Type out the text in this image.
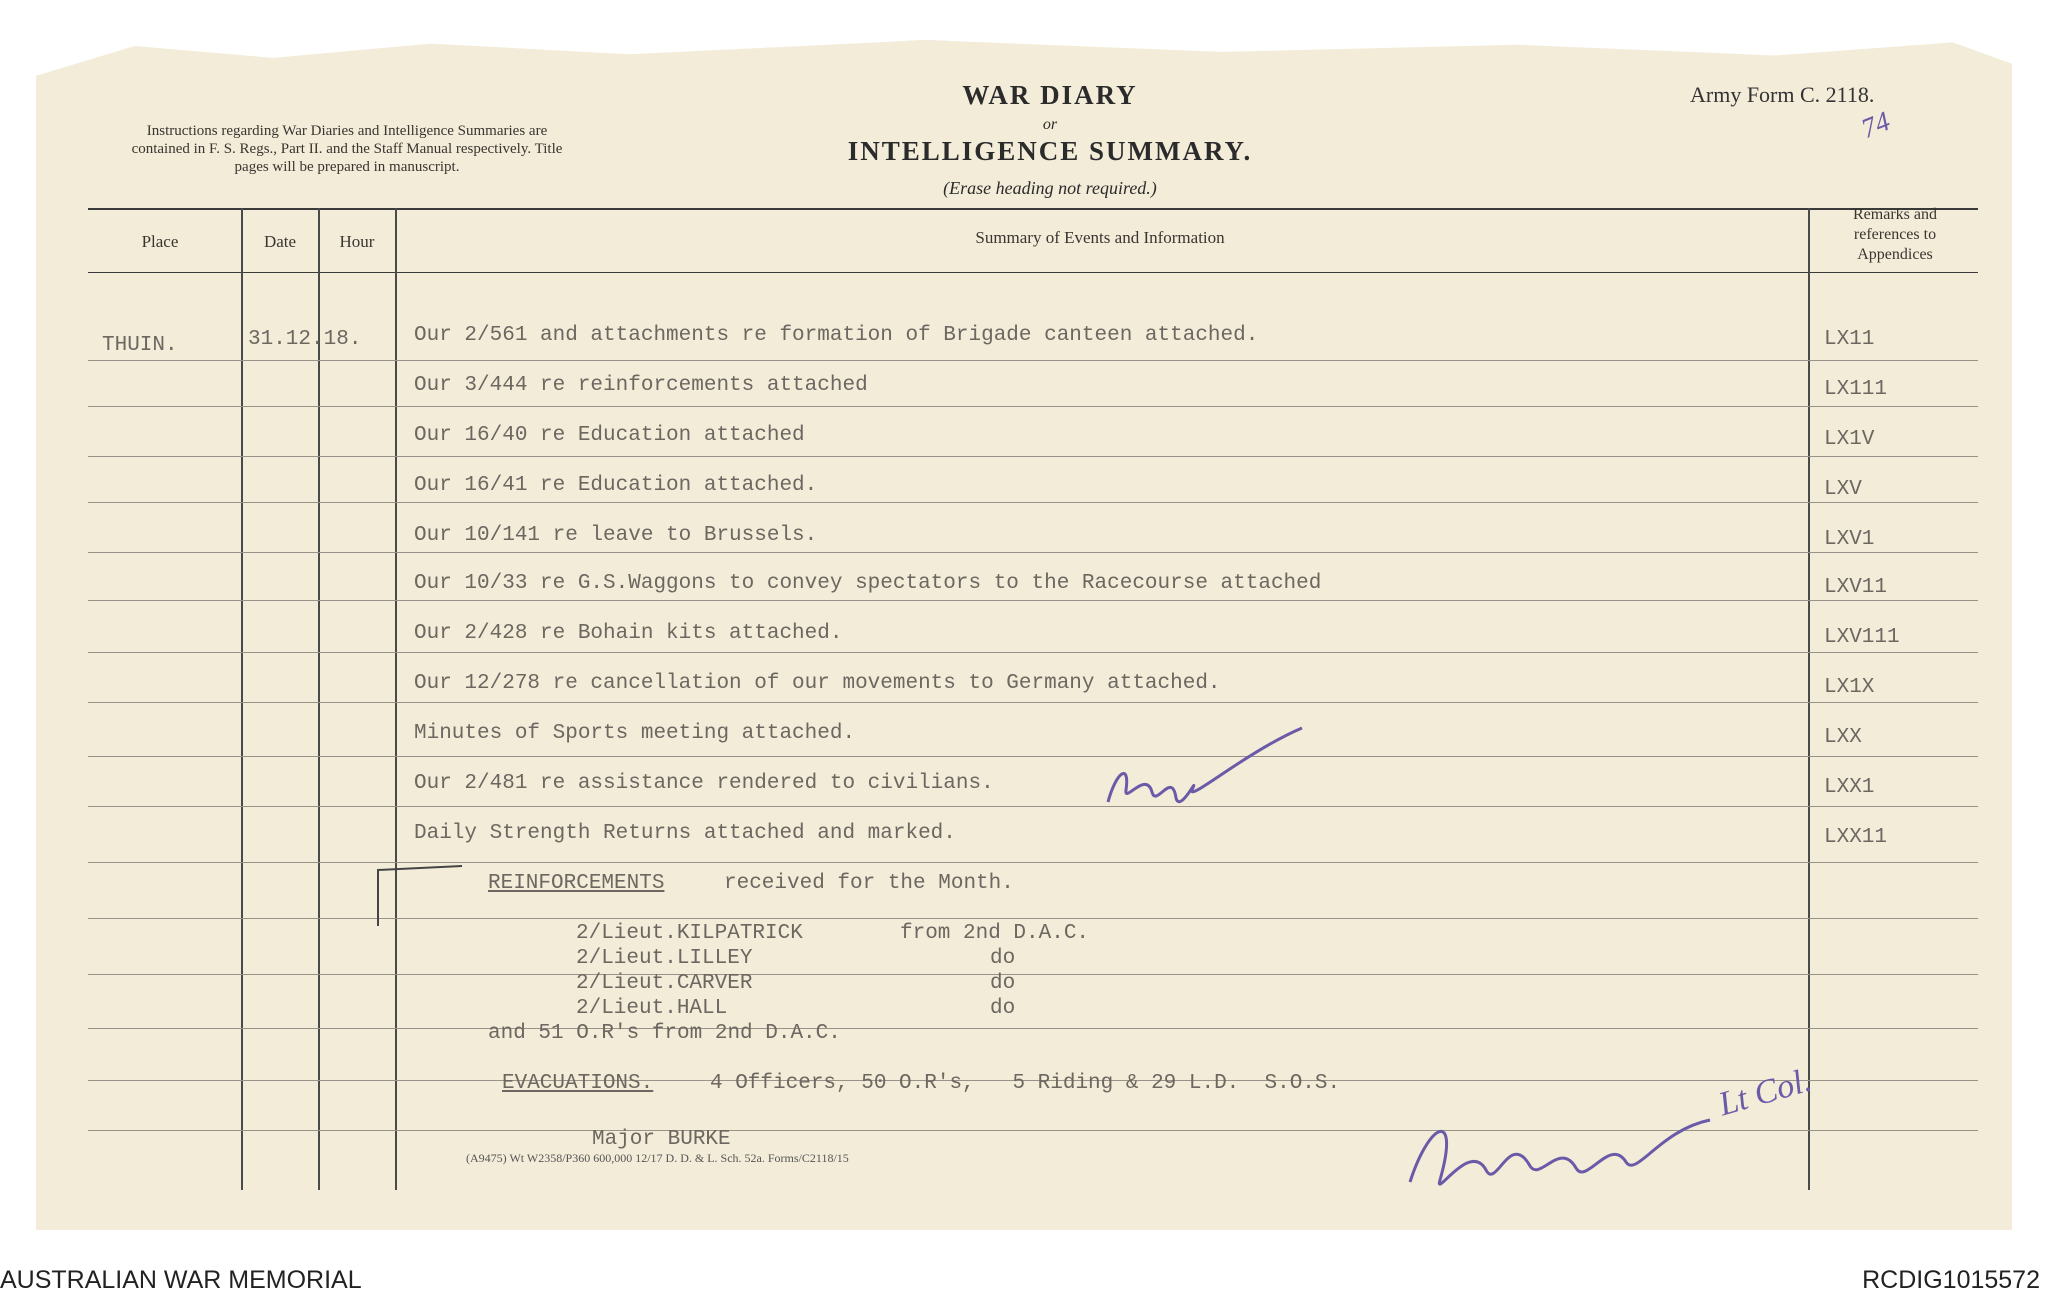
Instructions regarding War Diaries and Intelligence Summaries are contained in F. S. Regs., Part II. and the Staff Manual respectively. Title pages will be prepared in manuscript.
WAR DIARY
or
INTELLIGENCE SUMMARY.
(Erase heading not required.)
Army Form C. 2118.
74
Place	Date	Hour	Summary of Events and Information
Remarks and references to Appendices
THUIN.	31.12.18.	Our 2/561 and attachments re formation of Brigade canteen attached.	LX11
Our 3/444 re reinforcements attached	LX111
Our 16/40 re Education attached	LX1V
Our 16/41 re Education attached.	LXV
Our 10/141 re leave to Brussels.	LXV1
Our 10/33 re G.S.Waggons to convey spectators to the Racecourse attached	LXV11
Our 2/428 re Bohain kits attached.	LXV111
Our 12/278 re cancellation of our movements to Germany attached.	LX1X
Minutes of Sports meeting attached.	LXX
Our 2/481 re assistance rendered to civilians.	LXX1
Daily Strength Returns attached and marked.	LXX11
REINFORCEMENTS	received for the Month.
2/Lieut.KILPATRICK	from 2nd D.A.C.
2/Lieut.LILLEY	do
2/Lieut.CARVER	do
2/Lieut.HALL	do
and 51 O.R's from 2nd D.A.C.
EVACUATIONS.	4 Officers, 50 O.R's,   5 Riding & 29 L.D.  S.O.S.
Major BURKE
(A9475) Wt W2358/P360 600,000 12/17 D. D. & L. Sch. 52a. Forms/C2118/15
Lt Col.
AUSTRALIAN WAR MEMORIAL	RCDIG1015572
